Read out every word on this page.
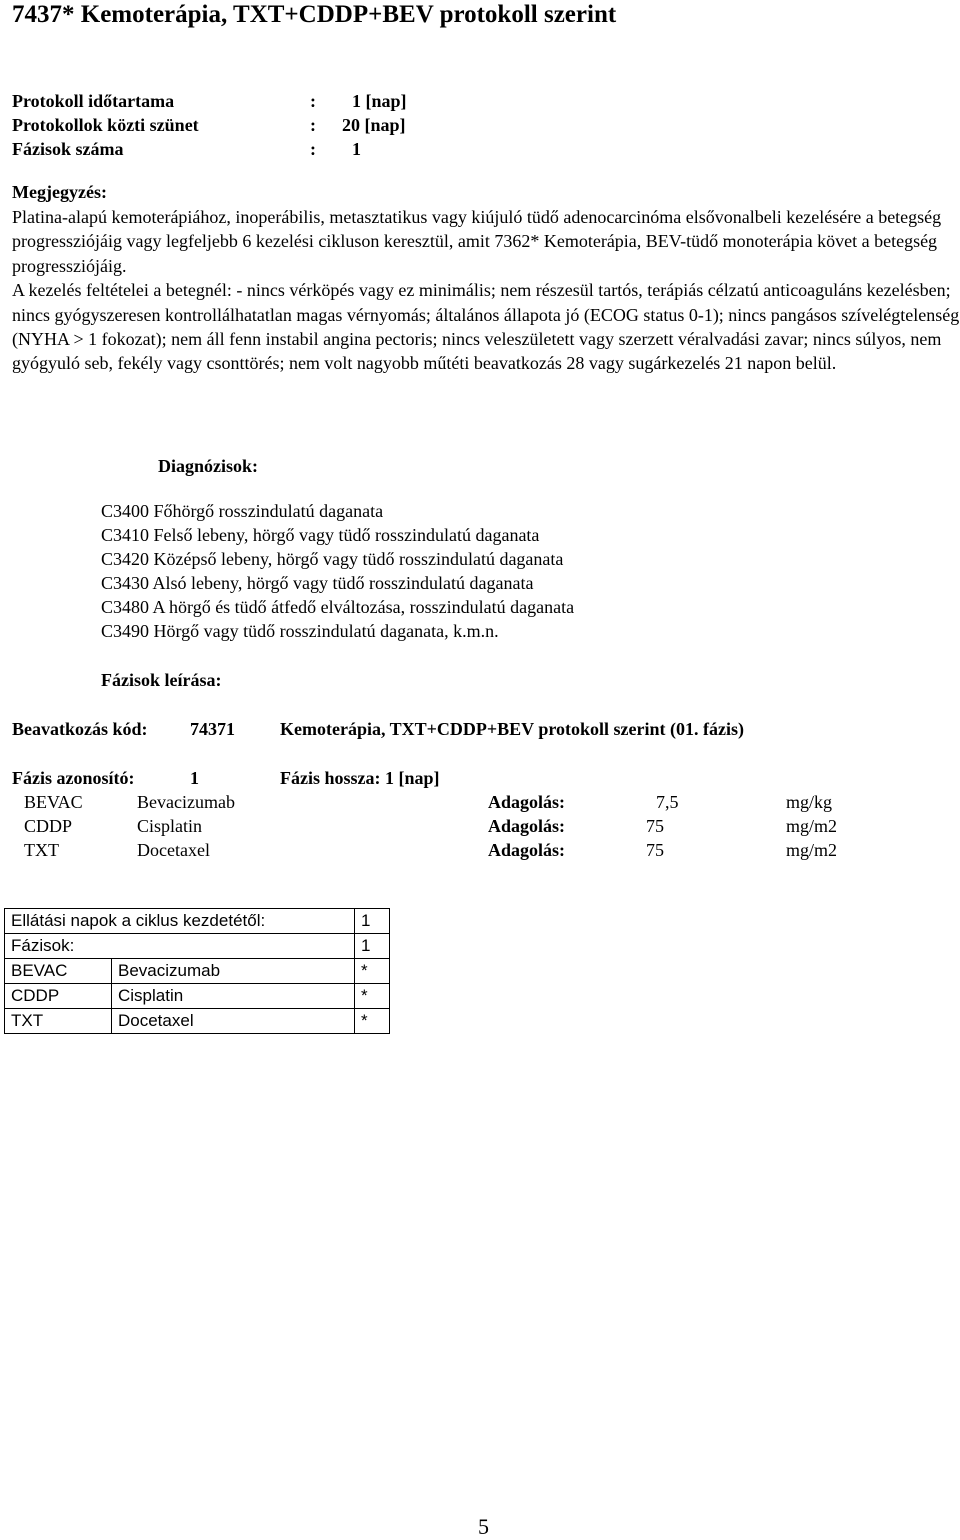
7437* Kemoterápia, TXT+CDDP+BEV protokoll szerint
Protokoll időtartama	: 1 [nap]
Protokollok közti szünet	: 20 [nap]
Fázisok száma	: 1
Megjegyzés:

Platina-alapú kemoterápiához, inoperábilis, metasztatikus vagy kiújuló tüdő adenocarcinóma elsővonalbeli kezelésére a betegség progressziójáig vagy legfeljebb 6 kezelési cikluson keresztül, amit 7362* Kemoterápia, BEV-tüdő monoterápia követ a betegség progressziójáig.

A kezelés feltételei a betegnél: - nincs vérköpés vagy ez minimális; nem részesül tartós, terápiás célzatú anticoaguláns kezelésben; nincs gyógyszeresen kontrollálhatatlan magas vérnyomás; általános állapota jó (ECOG status 0-1); nincs pangásos szívelégtelenség (NYHA > 1 fokozat); nem áll fenn instabil angina pectoris; nincs veleszületett vagy szerzett véralvadási zavar; nincs súlyos, nem gyógyuló seb, fekély vagy csonttörés; nem volt nagyobb műtéti beavatkozás 28 vagy sugárkezelés 21 napon belül.

Diagnózisok:
C3400 Főhörgő rosszindulatú daganata
C3410 Felső lebeny, hörgő vagy tüdő rosszindulatú daganata
C3420 Középső lebeny, hörgő vagy tüdő rosszindulatú daganata
C3430 Alsó lebeny, hörgő vagy tüdő rosszindulatú daganata
C3480 A hörgő és tüdő átfedő elváltozása, rosszindulatú daganata
C3490 Hörgő vagy tüdő rosszindulatú daganata, k.m.n.
Fázisok leírása:
Beavatkozás kód: 74371	Kemoterápia, TXT+CDDP+BEV protokoll szerint (01. fázis)
Fázis azonosító:	1	Fázis hossza: 1 [nap]
BEVAC	Bevacizumab	Adagolás:	7,5	mg/kg
CDDP	Cisplatin	Adagolás:	75	mg/m2
TXT	Docetaxel	Adagolás:	75	mg/m2
Ellátási napok a ciklus kezdetétől:		1
Fázisok:		1
BEVAC	Bevacizumab	*
CDDP	Cisplatin	*
TXT	Docetaxel	*
5
